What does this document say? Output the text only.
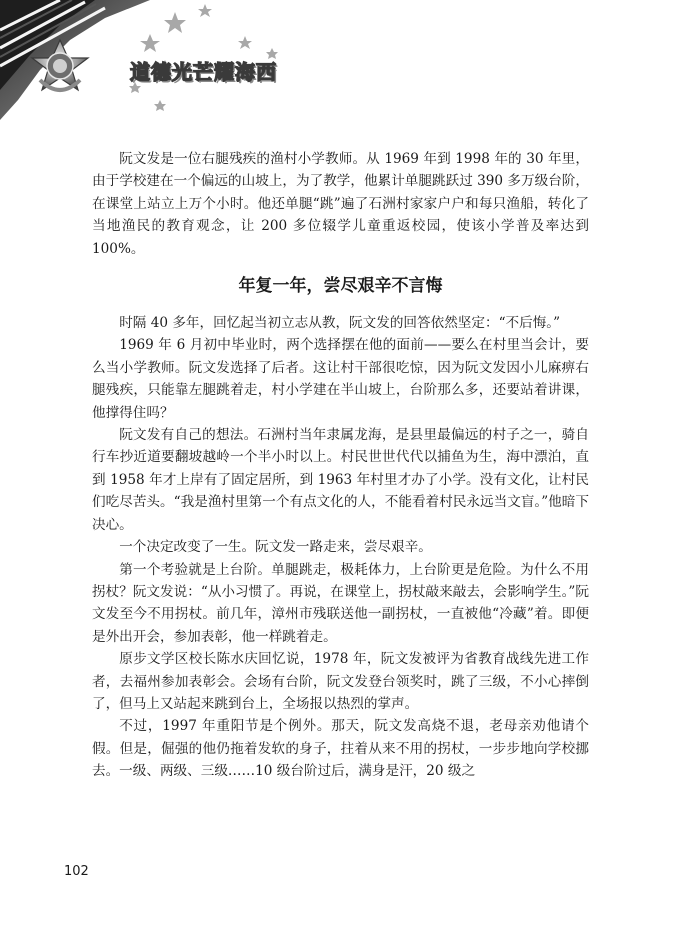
道德光芒耀海西

阮文发是一位右腿残疾的渔村小学教师。从 1969 年到 1998 年的 30 年里，由于学校建在一个偏远的山坡上，为了教学，他累计单腿跳跃过 390 多万级台阶，在课堂上站立上万个小时。他还单腿“跳”遍了石洲村家家户户和每只渔船，转化了当地渔民的教育观念，让 200 多位辍学儿童重返校园，使该小学普及率达到 100%。

年复一年，尝尽艰辛不言悔

时隔 40 多年，回忆起当初立志从教，阮文发的回答依然坚定：“不后悔。”

1969 年 6 月初中毕业时，两个选择摆在他的面前——要么在村里当会计，要么当小学教师。阮文发选择了后者。这让村干部很吃惊，因为阮文发因小儿麻痹右腿残疾，只能靠左腿跳着走，村小学建在半山坡上，台阶那么多，还要站着讲课，他撑得住吗？

阮文发有自己的想法。石洲村当年隶属龙海，是县里最偏远的村子之一，骑自行车抄近道要翻坡越岭一个半小时以上。村民世世代代以捕鱼为生，海中漂泊，直到 1958 年才上岸有了固定居所，到 1963 年村里才办了小学。没有文化，让村民们吃尽苦头。“我是渔村里第一个有点文化的人，不能看着村民永远当文盲。”他暗下决心。

一个决定改变了一生。阮文发一路走来，尝尽艰辛。

第一个考验就是上台阶。单腿跳走，极耗体力，上台阶更是危险。为什么不用拐杖？阮文发说：“从小习惯了。再说，在课堂上，拐杖敲来敲去，会影响学生。”阮文发至今不用拐杖。前几年，漳州市残联送他一副拐杖，一直被他“冷藏”着。即便是外出开会，参加表彰，他一样跳着走。

原步文学区校长陈水庆回忆说，1978 年，阮文发被评为省教育战线先进工作者，去福州参加表彰会。会场有台阶，阮文发登台领奖时，跳了三级，不小心摔倒了，但马上又站起来跳到台上，全场报以热烈的掌声。

不过，1997 年重阳节是个例外。那天，阮文发高烧不退，老母亲劝他请个假。但是，倔强的他仍拖着发软的身子，拄着从来不用的拐杖，一步步地向学校挪去。一级、两级、三级……10 级台阶过后，满身是汗，20 级之

102
